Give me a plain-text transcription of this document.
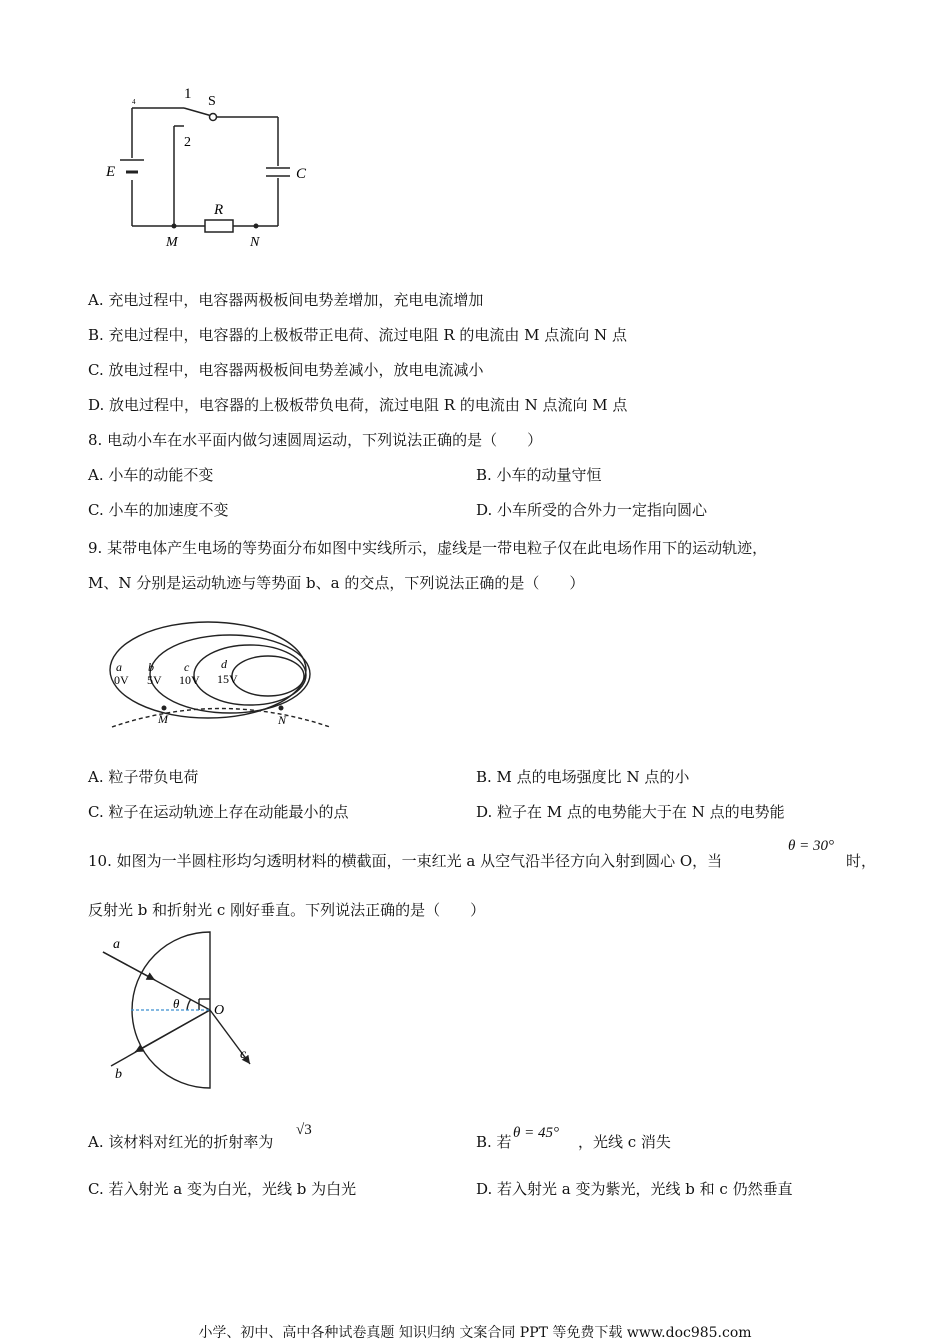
1 S
2
E	C
R
M	N
4
A. 充电过程中，电容器两极板间电势差增加，充电电流增加
B. 充电过程中，电容器的上极板带正电荷、流过电阻 R 的电流由 M 点流向 N 点
C. 放电过程中，电容器两极板间电势差减小，放电电流减小
D. 放电过程中，电容器的上极板带负电荷，流过电阻 R 的电流由 N 点流向 M 点
8. 电动小车在水平面内做匀速圆周运动，下列说法正确的是（　　）
A. 小车的动能不变	B. 小车的动量守恒
C. 小车的加速度不变	D. 小车所受的合外力一定指向圆心
9. 某带电体产生电场的等势面分布如图中实线所示，虚线是一带电粒子仅在此电场作用下的运动轨迹，
M、N 分别是运动轨迹与等势面 b、a 的交点，下列说法正确的是（　　）
a
0V
b
5V
c
10V
d
15V
M	N
A. 粒子带负电荷	B. M 点的电场强度比 N 点的小
C. 粒子在运动轨迹上存在动能最小的点	D. 粒子在 M 点的电势能大于在 N 点的电势能
10. 如图为一半圆柱形均匀透明材料的横截面，一束红光 a 从空气沿半径方向入射到圆心 O，当
θ = 30°
时，
反射光 b 和折射光 c 刚好垂直。下列说法正确的是（　　）
a
b
c
O
θ
A. 该材料对红光的折射率为
√3
B. 若 θ = 45° ，光线 c 消失
C. 若入射光 a 变为白光，光线 b 为白光	D. 若入射光 a 变为紫光，光线 b 和 c 仍然垂直
小学、初中、高中各种试卷真题 知识归纳 文案合同 PPT 等免费下载 www.doc985.com
